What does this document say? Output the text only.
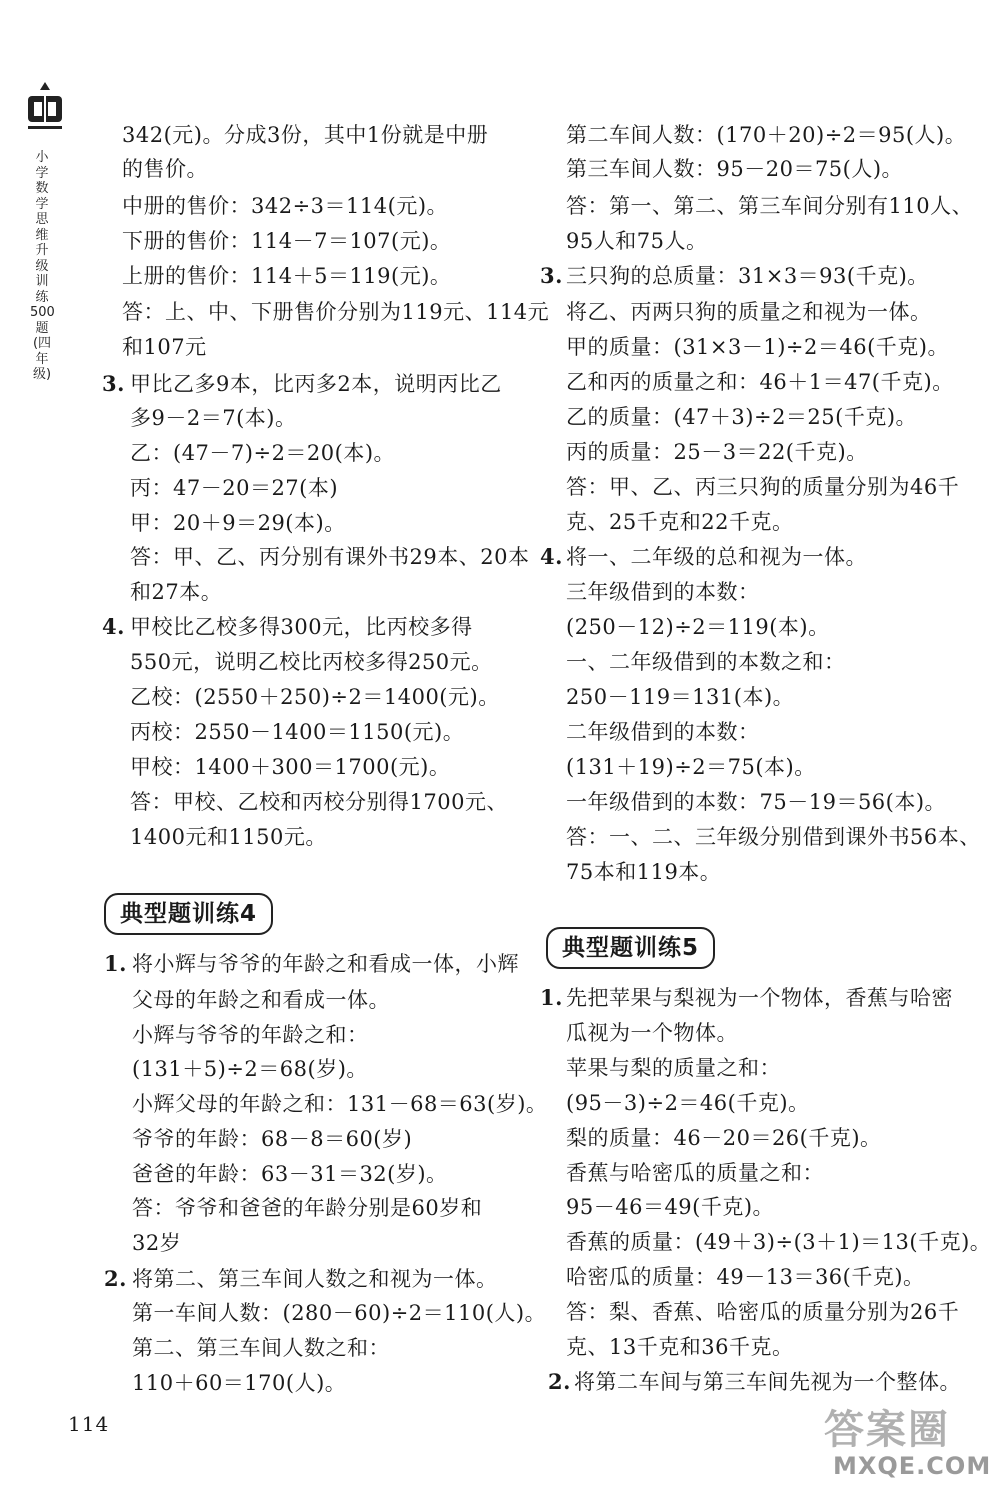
小学数学思维升级训练500题(四年级)
342(元)。分成3份，其中1份就是中册
的售价。
中册的售价：342÷3＝114(元)。
下册的售价：114－7＝107(元)。
上册的售价：114＋5＝119(元)。
答：上、中、下册售价分别为119元、114元
和107元
3. 甲比乙多9本，比丙多2本，说明丙比乙
多9－2＝7(本)。
乙：(47－7)÷2＝20(本)。
丙：47－20＝27(本)
甲：20＋9＝29(本)。
答：甲、乙、丙分别有课外书29本、20本
和27本。
4. 甲校比乙校多得300元，比丙校多得
550元，说明乙校比丙校多得250元。
乙校：(2550＋250)÷2＝1400(元)。
丙校：2550－1400＝1150(元)。
甲校：1400＋300＝1700(元)。
答：甲校、乙校和丙校分别得1700元、
1400元和1150元。
典型题训练4
1. 将小辉与爷爷的年龄之和看成一体，小辉
父母的年龄之和看成一体。
小辉与爷爷的年龄之和：
(131＋5)÷2＝68(岁)。
小辉父母的年龄之和：131－68＝63(岁)。
爷爷的年龄：68－8＝60(岁)
爸爸的年龄：63－31＝32(岁)。
答：爷爷和爸爸的年龄分别是60岁和
32岁
2. 将第二、第三车间人数之和视为一体。
第一车间人数：(280－60)÷2＝110(人)。
第二、第三车间人数之和：
110＋60＝170(人)。
第二车间人数：(170＋20)÷2＝95(人)。
第三车间人数：95－20＝75(人)。
答：第一、第二、第三车间分别有110人、
95人和75人。
3. 三只狗的总质量：31×3＝93(千克)。
将乙、丙两只狗的质量之和视为一体。
甲的质量：(31×3－1)÷2＝46(千克)。
乙和丙的质量之和：46＋1＝47(千克)。
乙的质量：(47＋3)÷2＝25(千克)。
丙的质量：25－3＝22(千克)。
答：甲、乙、丙三只狗的质量分别为46千
克、25千克和22千克。
4. 将一、二年级的总和视为一体。
三年级借到的本数：
(250－12)÷2＝119(本)。
一、二年级借到的本数之和：
250－119＝131(本)。
二年级借到的本数：
(131＋19)÷2＝75(本)。
一年级借到的本数：75－19＝56(本)。
答：一、二、三年级分别借到课外书56本、
75本和119本。
典型题训练5
1. 先把苹果与梨视为一个物体，香蕉与哈密
瓜视为一个物体。
苹果与梨的质量之和：
(95－3)÷2＝46(千克)。
梨的质量：46－20＝26(千克)。
香蕉与哈密瓜的质量之和：
95－46＝49(千克)。
香蕉的质量：(49＋3)÷(3＋1)＝13(千克)。
哈密瓜的质量：49－13＝36(千克)。
答：梨、香蕉、哈密瓜的质量分别为26千
克、13千克和36千克。
2. 将第二车间与第三车间先视为一个整体。
114	答案圈
MXQE.COM
